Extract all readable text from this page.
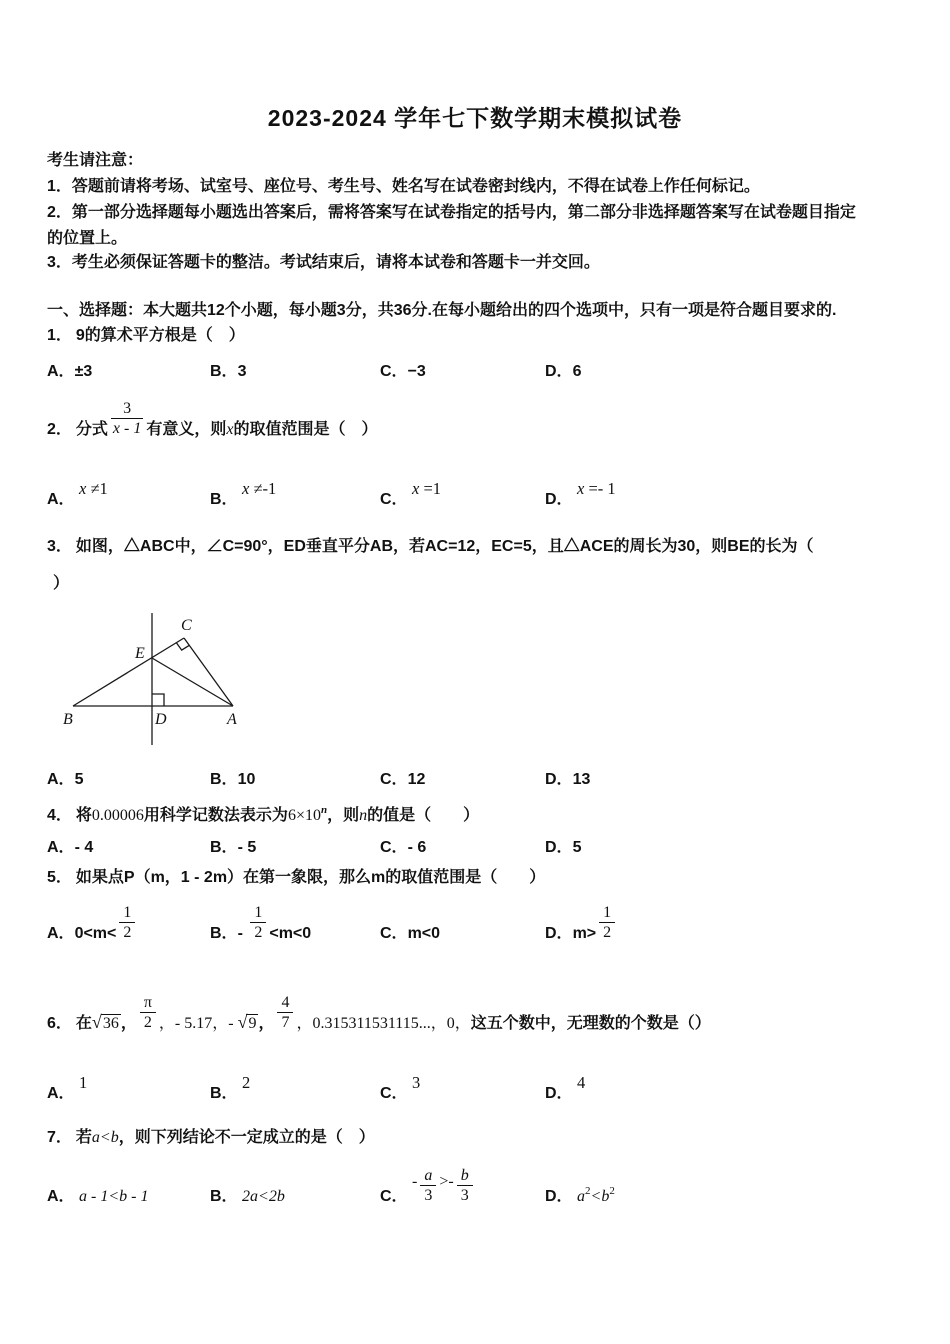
2023-2024 学年七下数学期末模拟试卷
考生请注意：
1．答题前请将考场、试室号、座位号、考生号、姓名写在试卷密封线内，不得在试卷上作任何标记。
2．第一部分选择题每小题选出答案后，需将答案写在试卷指定的括号内，第二部分非选择题答案写在试卷题目指定
的位置上。
3．考生必须保证答题卡的整洁。考试结束后，请将本试卷和答题卡一并交回。
一、选择题：本大题共12个小题，每小题3分，共36分.在每小题给出的四个选项中，只有一项是符合题目要求的.
1． 9的算术平方根是（　）
A．±3	B．3	C．−3	D．6
2． 分式 $\frac{3}{x - 1}$ 有意义，则x的取值范围是（　）
A． x ≠1
B． x ≠-1
C． x =1
D． x =- 1
3． 如图，△ABC中，∠C=90°，ED垂直平分AB，若AC=12，EC=5，且△ACE的周长为30，则BE的长为（
）
B	D	A
E
C
A．5	B．10	C．12	D．13
4． 将0.00006用科学记数法表示为$6\times 10^n$，则n的值是（　　）
A．- 4	B．- 5	C．- 6	D．5
5． 如果点P（m，1 - 2m）在第一象限，那么m的取值范围是（　　）
A．$0<m< \frac{1}{2}$	B．- $\frac{1}{2} <m<0$	C．m<0	D．$m> \frac{1}{2}$
6． 在√36 ， $\frac{\pi}{2}$ ，- 5.17，- √9 ， $\frac{4}{7}$ ，0.315311531115...，0，这五个数中，无理数的个数是（）
A． 1
B． 2
C． 3
D． 4
7． 若a<b，则下列结论不一定成立的是（　）
A． a - 1<b - 1	B． 2a<2b	C． - $\frac{a}{3} >- \frac{b}{3}$	D． $a^2<b^2$
